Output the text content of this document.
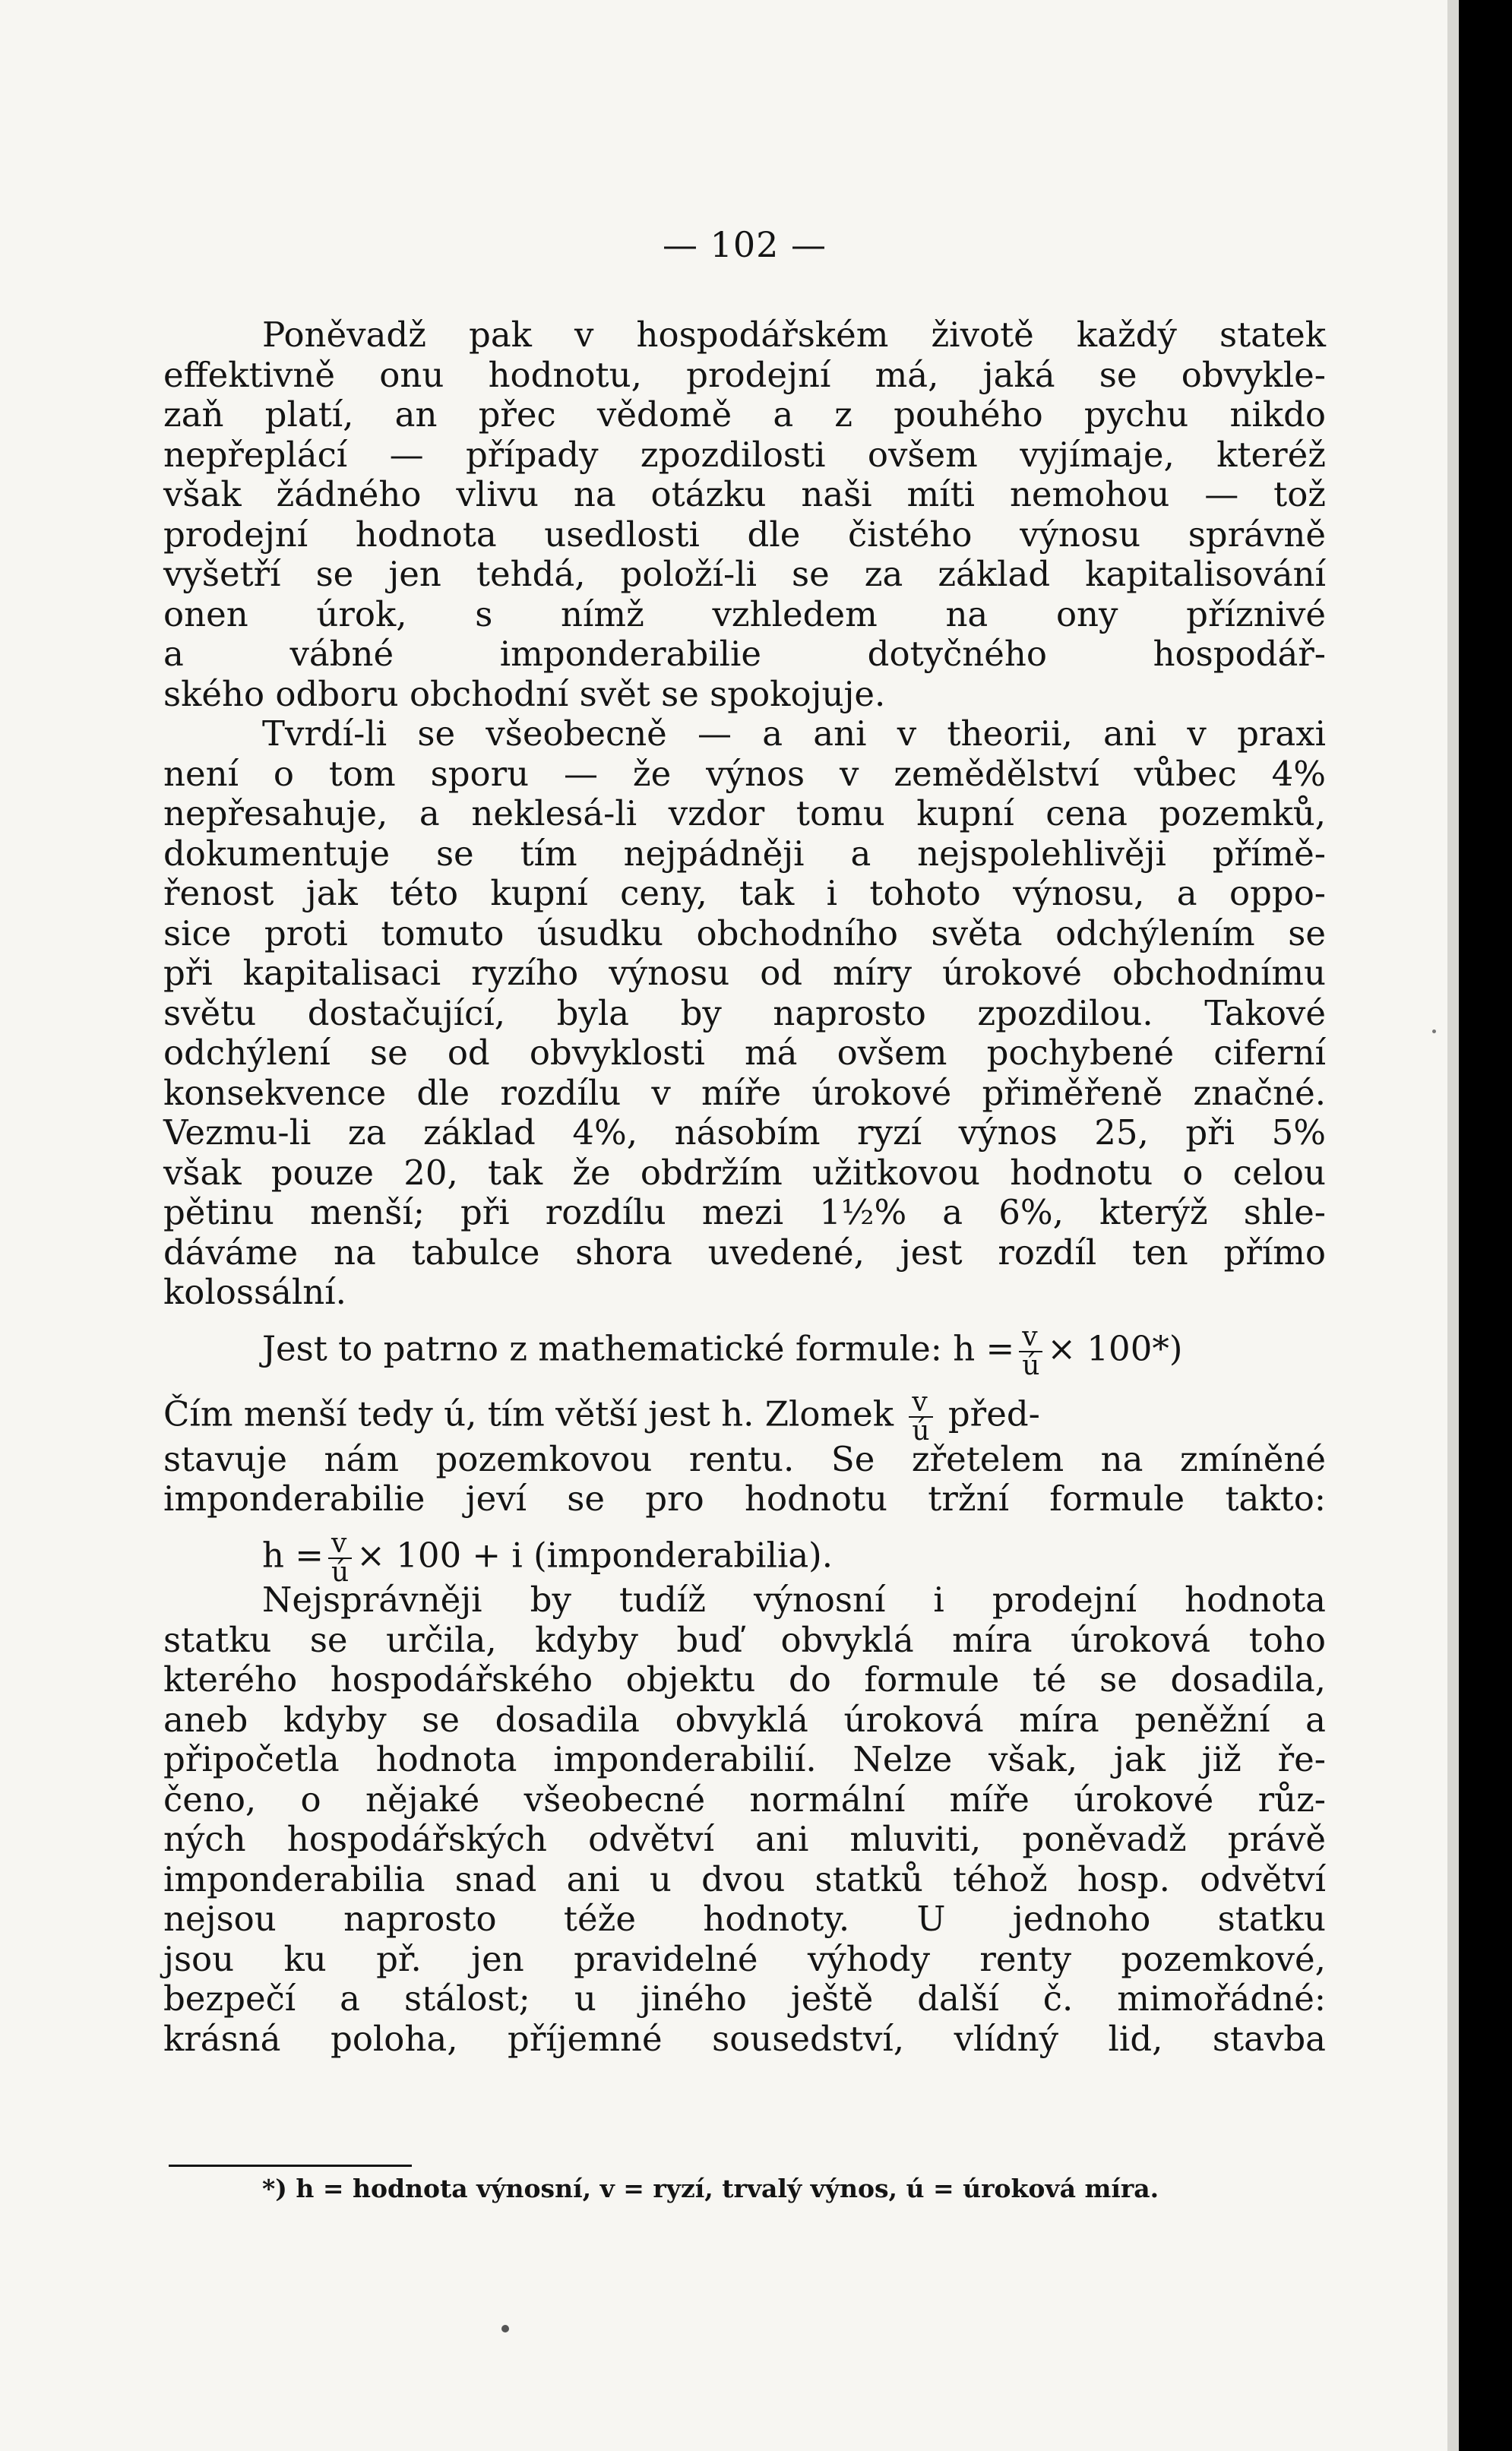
— 102 —
Poněvadž pak v hospodářském životě každý statek
effektivně onu hodnotu, prodejní má, jaká se obvykle-
zaň platí, an přec vědomě a z pouhého pychu nikdo
nepřeplácí — případy zpozdilosti ovšem vyjímaje, kteréž
však žádného vlivu na otázku naši míti nemohou — tož
prodejní hodnota usedlosti dle čistého výnosu správně
vyšetří se jen tehdá, položí-li se za základ kapitalisování
onen úrok, s nímž vzhledem na ony příznivé
a vábné imponderabilie dotyčného hospodář-
ského odboru obchodní svět se spokojuje.
Tvrdí-li se všeobecně — a ani v theorii, ani v praxi
není o tom sporu — že výnos v zemědělství vůbec 4%
nepřesahuje, a neklesá-li vzdor tomu kupní cena pozemků,
dokumentuje se tím nejpádněji a nejspolehlivěji přímě-
řenost jak této kupní ceny, tak i tohoto výnosu, a oppo-
sice proti tomuto úsudku obchodního světa odchýlením se
při kapitalisaci ryzího výnosu od míry úrokové obchodnímu
světu dostačující, byla by naprosto zpozdilou. Takové
odchýlení se od obvyklosti má ovšem pochybené ciferní
konsekvence dle rozdílu v míře úrokové přiměřeně značné.
Vezmu-li za základ 4%, násobím ryzí výnos 25, při 5%
však pouze 20, tak že obdržím užitkovou hodnotu o celou
pětinu menší; při rozdílu mezi 1½% a 6%, kterýž shle-
dáváme na tabulce shora uvedené, jest rozdíl ten přímo
kolossální.
Jest to patrno z mathematické formule: $h = \frac{v}{ú} \times 100*$)
Čím menší tedy ú, tím větší jest h. Zlomek $\frac{v}{ú}$ před-
stavuje nám pozemkovou rentu. Se zřetelem na zmíněné
imponderabilie jeví se pro hodnotu tržní formule takto:
$h = \frac{v}{ú} \times 100 + i$ (imponderabilia).
Nejsprávněji by tudíž výnosní i prodejní hodnota
statku se určila, kdyby buď obvyklá míra úroková toho
kterého hospodářského objektu do formule té se dosadila,
aneb kdyby se dosadila obvyklá úroková míra peněžní a
připočetla hodnota imponderabilií. Nelze však, jak již ře-
čeno, o nějaké všeobecné normální míře úrokové růz-
ných hospodářských odvětví ani mluviti, poněvadž právě
imponderabilia snad ani u dvou statků téhož hosp. odvětví
nejsou naprosto téže hodnoty. U jednoho statku
jsou ku př. jen pravidelné výhody renty pozemkové,
bezpečí a stálost; u jiného ještě další č. mimořádné:
krásná poloha, příjemné sousedství, vlídný lid, stavba
*) h = hodnota výnosní, v = ryzí, trvalý výnos, ú = úroková míra.
